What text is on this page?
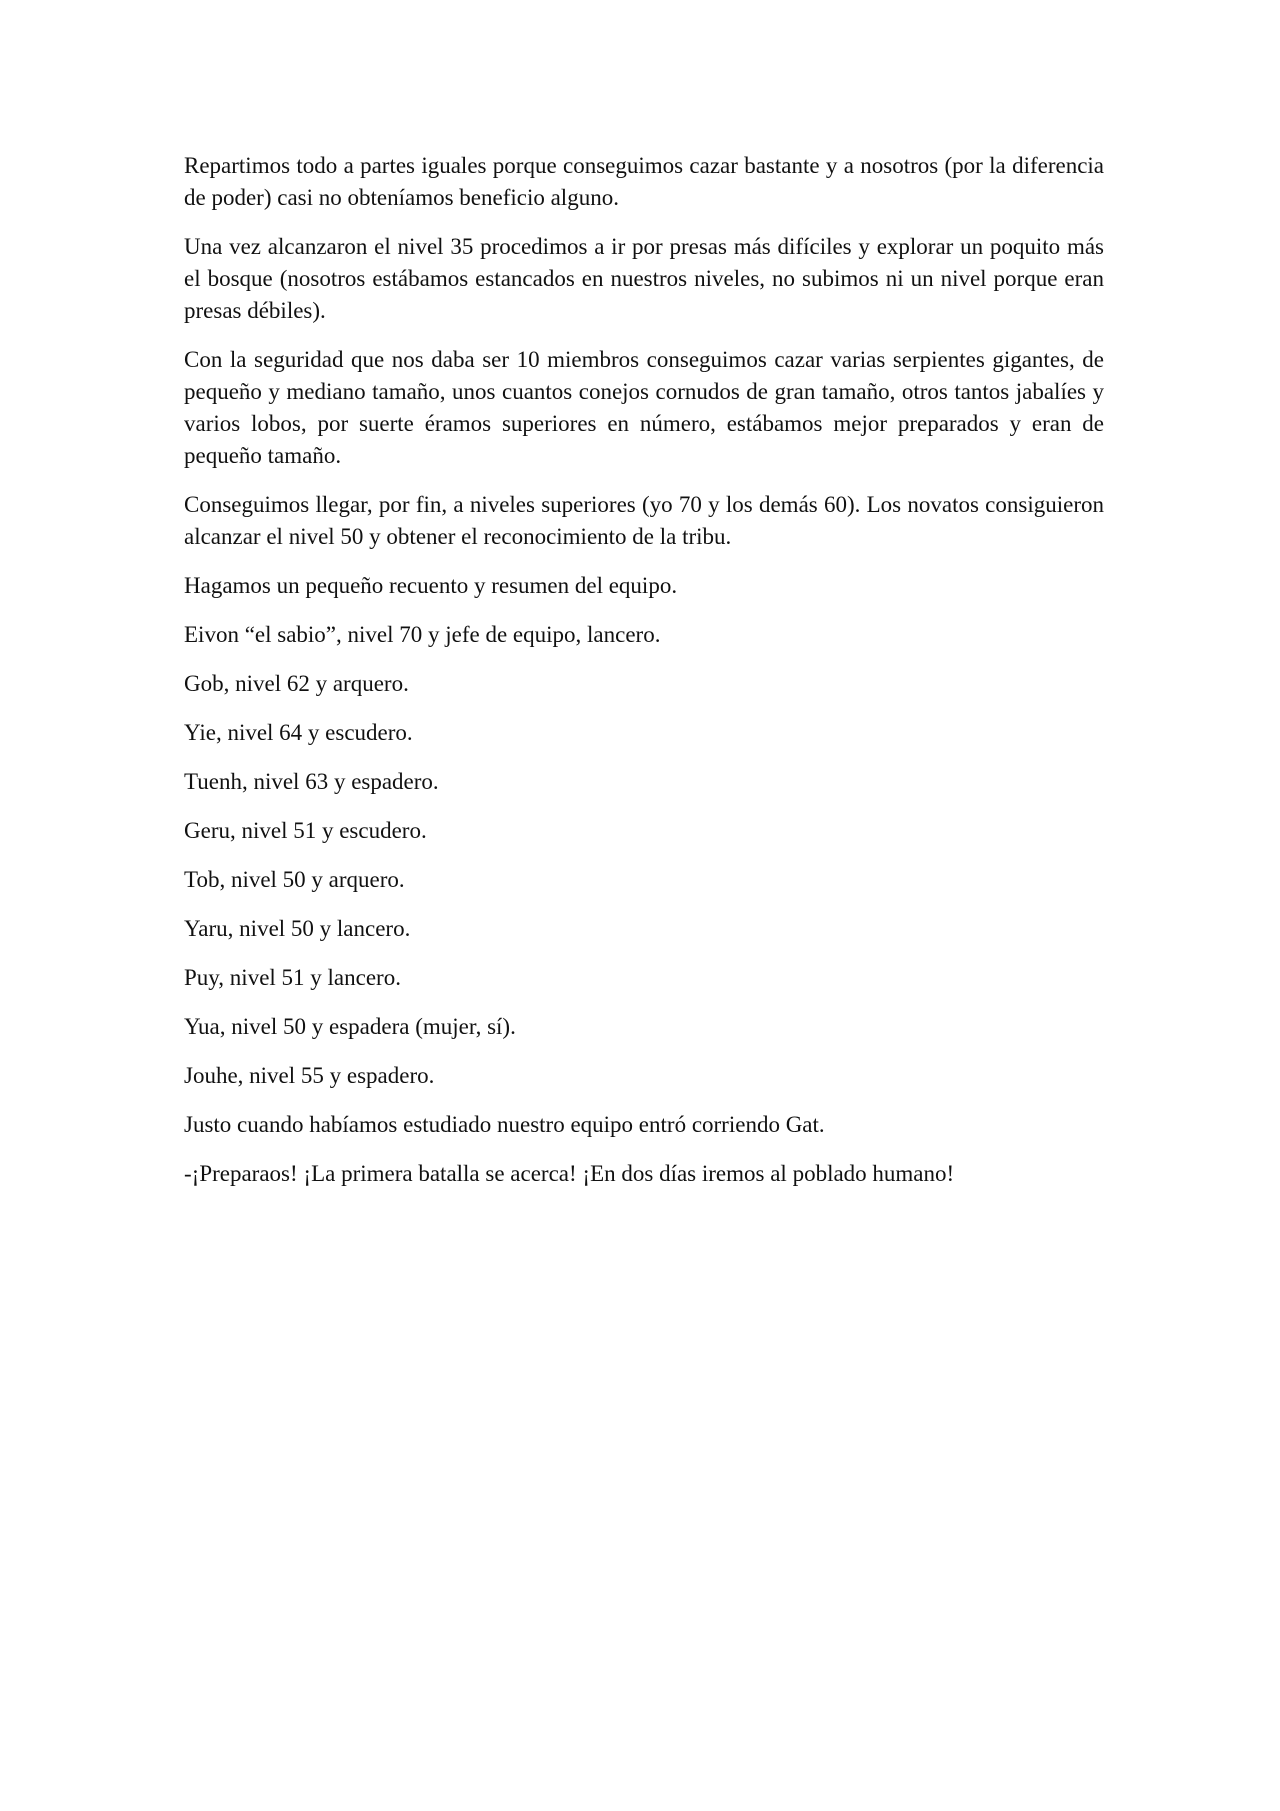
Repartimos todo a partes iguales porque conseguimos cazar bastante y a nosotros (por la diferencia de poder) casi no obteníamos beneficio alguno.

Una vez alcanzaron el nivel 35 procedimos a ir por presas más difíciles y explorar un poquito más el bosque (nosotros estábamos estancados en nuestros niveles, no subimos ni un nivel porque eran presas débiles).

Con la seguridad que nos daba ser 10 miembros conseguimos cazar varias serpientes gigantes, de pequeño y mediano tamaño, unos cuantos conejos cornudos de gran tamaño, otros tantos jabalíes y varios lobos, por suerte éramos superiores en número, estábamos mejor preparados y eran de pequeño tamaño.

Conseguimos llegar, por fin, a niveles superiores (yo 70 y los demás 60). Los novatos consiguieron alcanzar el nivel 50 y obtener el reconocimiento de la tribu.

Hagamos un pequeño recuento y resumen del equipo.

Eivon “el sabio”, nivel 70 y jefe de equipo, lancero.

Gob, nivel 62 y arquero.

Yie, nivel 64 y escudero.

Tuenh, nivel 63 y espadero.

Geru, nivel 51 y escudero.

Tob, nivel 50 y arquero.

Yaru, nivel 50 y lancero.

Puy, nivel 51 y lancero.

Yua, nivel 50 y espadera (mujer, sí).

Jouhe, nivel 55 y espadero.

Justo cuando habíamos estudiado nuestro equipo entró corriendo Gat.

-¡Preparaos! ¡La primera batalla se acerca! ¡En dos días iremos al poblado humano!
